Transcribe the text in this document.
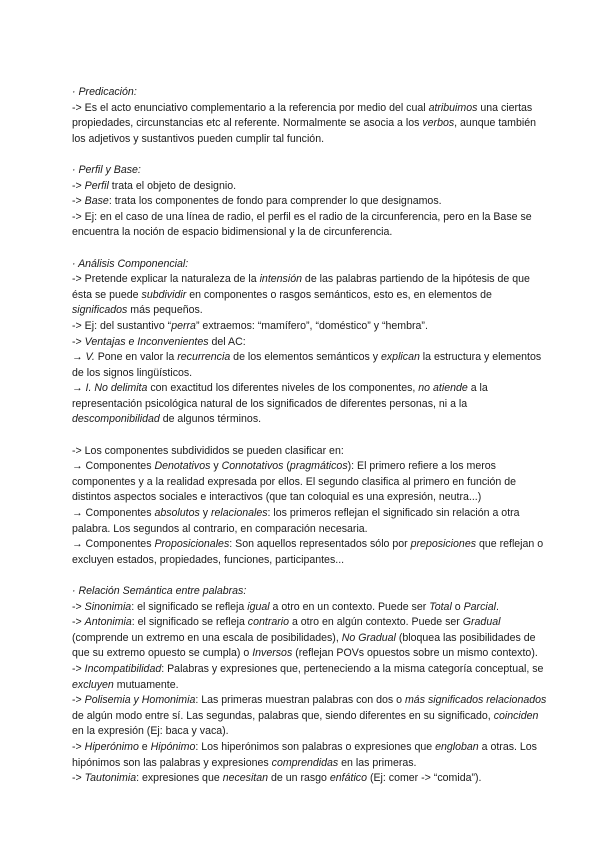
· Predicación:
-> Es el acto enunciativo complementario a la referencia por medio del cual atribuimos una ciertas propiedades, circunstancias etc al referente. Normalmente se asocia a los verbos, aunque también los adjetivos y sustantivos pueden cumplir tal función.
· Perfil y Base:
-> Perfil trata el objeto de designio.
-> Base: trata los componentes de fondo para comprender lo que designamos.
-> Ej: en el caso de una línea de radio, el perfil es el radio de la circunferencia, pero en la Base se encuentra la noción de espacio bidimensional y la de circunferencia.
· Análisis Componencial:
-> Pretende explicar la naturaleza de la intensión de las palabras partiendo de la hipótesis de que ésta se puede subdividir en componentes o rasgos semánticos, esto es, en elementos de significados más pequeños.
-> Ej: del sustantivo “perra” extraemos: “mamífero”, “doméstico” y “hembra”.
-> Ventajas e Inconvenientes del AC:
→ V. Pone en valor la recurrencia de los elementos semánticos y explican la estructura y elementos de los signos lingüísticos.
→ I. No delimita con exactitud los diferentes niveles de los componentes, no atiende a la representación psicológica natural de los significados de diferentes personas, ni a la descomponibilidad de algunos términos.
-> Los componentes subdivididos se pueden clasificar en:
→ Componentes Denotativos y Connotativos (pragmáticos): El primero refiere a los meros componentes y a la realidad expresada por ellos. El segundo clasifica al primero en función de distintos aspectos sociales e interactivos (que tan coloquial es una expresión, neutra...)
→ Componentes absolutos y relacionales: los primeros reflejan el significado sin relación a otra palabra. Los segundos al contrario, en comparación necesaria.
→ Componentes Proposicionales: Son aquellos representados sólo por preposiciones que reflejan o excluyen estados, propiedades, funciones, participantes...
· Relación Semántica entre palabras:
-> Sinonimia: el significado se refleja igual a otro en un contexto. Puede ser Total o Parcial.
-> Antonimia: el significado se refleja contrario a otro en algún contexto. Puede ser Gradual (comprende un extremo en una escala de posibilidades), No Gradual (bloquea las posibilidades de que su extremo opuesto se cumpla) o Inversos (reflejan POVs opuestos sobre un mismo contexto).
-> Incompatibilidad: Palabras y expresiones que, perteneciendo a la misma categoría conceptual, se excluyen mutuamente.
-> Polisemia y Homonimia: Las primeras muestran palabras con dos o más significados relacionados de algún modo entre sí. Las segundas, palabras que, siendo diferentes en su significado, coinciden en la expresión (Ej: baca y vaca).
-> Hiperónimo e Hipónimo: Los hiperónimos son palabras o expresiones que engloban a otras. Los hipónimos son las palabras y expresiones comprendidas en las primeras.
-> Tautonimia: expresiones que necesitan de un rasgo enfático (Ej: comer -> “comida”).
